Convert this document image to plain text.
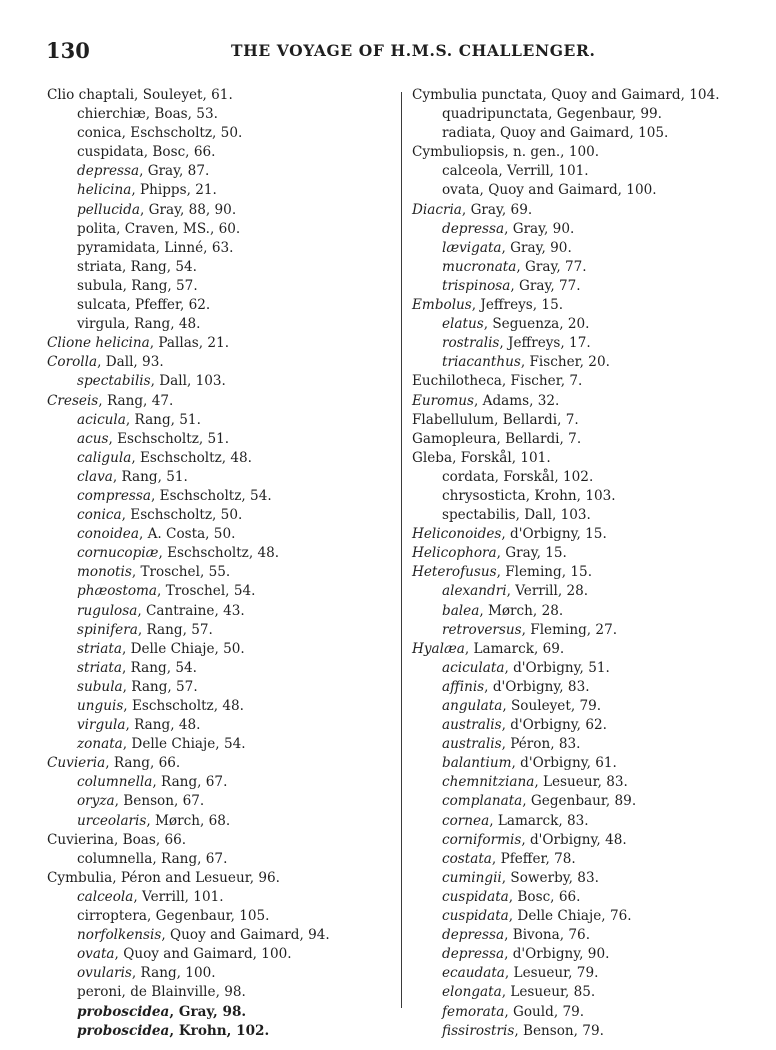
130	THE VOYAGE OF H.M.S. CHALLENGER.
Clio chaptali, Souleyet, 61.
chierchiæ, Boas, 53.
conica, Eschscholtz, 50.
cuspidata, Bosc, 66.
depressa, Gray, 87.
helicina, Phipps, 21.
pellucida, Gray, 88, 90.
polita, Craven, MS., 60.
pyramidata, Linné, 63.
striata, Rang, 54.
subula, Rang, 57.
sulcata, Pfeffer, 62.
virgula, Rang, 48.
Clione helicina, Pallas, 21.
Corolla, Dall, 93.
spectabilis, Dall, 103.
Creseis, Rang, 47.
acicula, Rang, 51.
acus, Eschscholtz, 51.
caligula, Eschscholtz, 48.
clava, Rang, 51.
compressa, Eschscholtz, 54.
conica, Eschscholtz, 50.
conoidea, A. Costa, 50.
cornucopiæ, Eschscholtz, 48.
monotis, Troschel, 55.
phæostoma, Troschel, 54.
rugulosa, Cantraine, 43.
spinifera, Rang, 57.
striata, Delle Chiaje, 50.
striata, Rang, 54.
subula, Rang, 57.
unguis, Eschscholtz, 48.
virgula, Rang, 48.
zonata, Delle Chiaje, 54.
Cuvieria, Rang, 66.
columnella, Rang, 67.
oryza, Benson, 67.
urceolaris, Mørch, 68.
Cuvierina, Boas, 66.
columnella, Rang, 67.
Cymbulia, Péron and Lesueur, 96.
calceola, Verrill, 101.
cirroptera, Gegenbaur, 105.
norfolkensis, Quoy and Gaimard, 94.
ovata, Quoy and Gaimard, 100.
ovularis, Rang, 100.
peroni, de Blainville, 98.
proboscidea, Gray, 98.
proboscidea, Krohn, 102.
Cymbulia punctata, Quoy and Gaimard, 104.
quadripunctata, Gegenbaur, 99.
radiata, Quoy and Gaimard, 105.
Cymbuliopsis, n. gen., 100.
calceola, Verrill, 101.
ovata, Quoy and Gaimard, 100.
Diacria, Gray, 69.
depressa, Gray, 90.
lævigata, Gray, 90.
mucronata, Gray, 77.
trispinosa, Gray, 77.
Embolus, Jeffreys, 15.
elatus, Seguenza, 20.
rostralis, Jeffreys, 17.
triacanthus, Fischer, 20.
Euchilotheca, Fischer, 7.
Euromus, Adams, 32.
Flabellulum, Bellardi, 7.
Gamopleura, Bellardi, 7.
Gleba, Forskål, 101.
cordata, Forskål, 102.
chrysosticta, Krohn, 103.
spectabilis, Dall, 103.
Heliconoides, d'Orbigny, 15.
Helicophora, Gray, 15.
Heterofusus, Fleming, 15.
alexandri, Verrill, 28.
balea, Mørch, 28.
retroversus, Fleming, 27.
Hyalæa, Lamarck, 69.
aciculata, d'Orbigny, 51.
affinis, d'Orbigny, 83.
angulata, Souleyet, 79.
australis, d'Orbigny, 62.
australis, Péron, 83.
balantium, d'Orbigny, 61.
chemnitziana, Lesueur, 83.
complanata, Gegenbaur, 89.
cornea, Lamarck, 83.
corniformis, d'Orbigny, 48.
costata, Pfeffer, 78.
cumingii, Sowerby, 83.
cuspidata, Bosc, 66.
cuspidata, Delle Chiaje, 76.
depressa, Bivona, 76.
depressa, d'Orbigny, 90.
ecaudata, Lesueur, 79.
elongata, Lesueur, 85.
femorata, Gould, 79.
fissirostris, Benson, 79.
